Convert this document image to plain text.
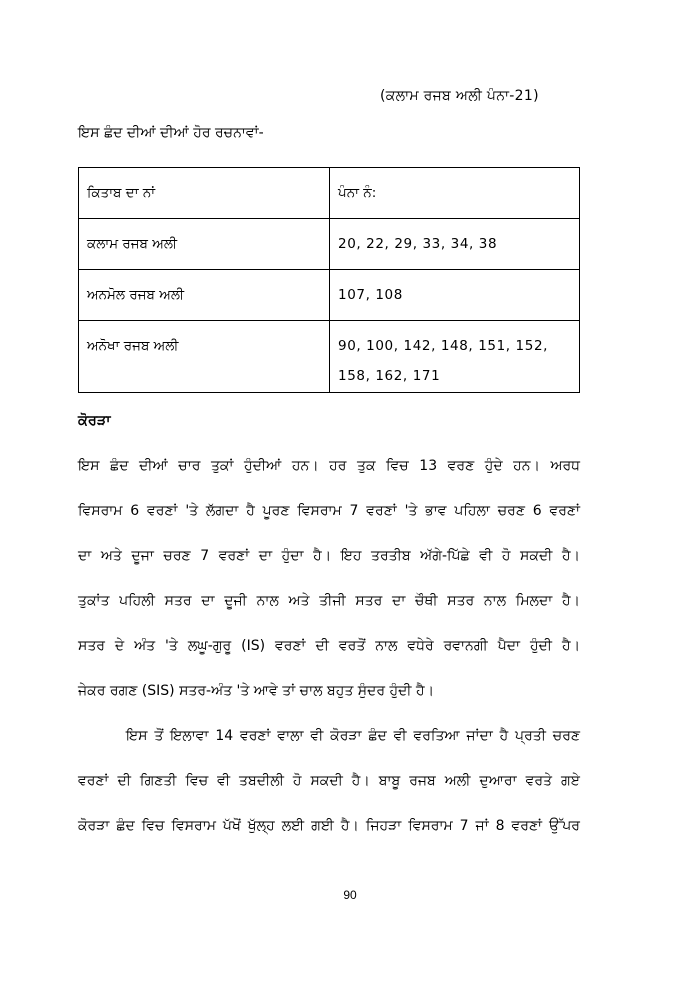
(ਕਲਾਮ ਰਜਬ ਅਲੀ ਪੰਨਾ-21)
ਇਸ ਛੰਦ ਦੀਆਂ ਦੀਆਂ ਹੋਰ ਰਚਨਾਵਾਂ-
ਕਿਤਾਬ ਦਾ ਨਾਂ	ਪੰਨਾ ਨੰ:
ਕਲਾਮ ਰਜਬ ਅਲੀ	20, 22, 29, 33, 34, 38
ਅਨਮੋਲ ਰਜਬ ਅਲੀ	107, 108
ਅਨੋਖਾ ਰਜਬ ਅਲੀ	90, 100, 142, 148, 151, 152, 158, 162, 171
ਕੋਰੜਾ
ਇਸ ਛੰਦ ਦੀਆਂ ਚਾਰ ਤੁਕਾਂ ਹੁੰਦੀਆਂ ਹਨ। ਹਰ ਤੁਕ ਵਿਚ 13 ਵਰਣ ਹੁੰਦੇ ਹਨ। ਅਰਧ
ਵਿਸਰਾਮ 6 ਵਰਣਾਂ 'ਤੇ ਲੱਗਦਾ ਹੈ ਪੂਰਣ ਵਿਸਰਾਮ 7 ਵਰਣਾਂ 'ਤੇ ਭਾਵ ਪਹਿਲਾ ਚਰਣ 6 ਵਰਣਾਂ
ਦਾ ਅਤੇ ਦੂਜਾ ਚਰਣ 7 ਵਰਣਾਂ ਦਾ ਹੁੰਦਾ ਹੈ। ਇਹ ਤਰਤੀਬ ਅੱਗੇ-ਪਿੱਛੇ ਵੀ ਹੋ ਸਕਦੀ ਹੈ।
ਤੁਕਾਂਤ ਪਹਿਲੀ ਸਤਰ ਦਾ ਦੂਜੀ ਨਾਲ ਅਤੇ ਤੀਜੀ ਸਤਰ ਦਾ ਚੌਥੀ ਸਤਰ ਨਾਲ ਮਿਲਦਾ ਹੈ।
ਸਤਰ ਦੇ ਅੰਤ 'ਤੇ ਲਘੂ-ਗੁਰੂ (IS) ਵਰਣਾਂ ਦੀ ਵਰਤੋਂ ਨਾਲ ਵਧੇਰੇ ਰਵਾਨਗੀ ਪੈਦਾ ਹੁੰਦੀ ਹੈ।
ਜੇਕਰ ਰਗਣ (SIS) ਸਤਰ-ਅੰਤ 'ਤੇ ਆਵੇ ਤਾਂ ਚਾਲ ਬਹੁਤ ਸੁੰਦਰ ਹੁੰਦੀ ਹੈ।
ਇਸ ਤੋਂ ਇਲਾਵਾ 14 ਵਰਣਾਂ ਵਾਲਾ ਵੀ ਕੋਰੜਾ ਛੰਦ ਵੀ ਵਰਤਿਆ ਜਾਂਦਾ ਹੈ ਪ੍ਰਤੀ ਚਰਣ
ਵਰਣਾਂ ਦੀ ਗਿਣਤੀ ਵਿਚ ਵੀ ਤਬਦੀਲੀ ਹੋ ਸਕਦੀ ਹੈ। ਬਾਬੂ ਰਜਬ ਅਲੀ ਦੁਆਰਾ ਵਰਤੇ ਗਏ
ਕੋਰੜਾ ਛੰਦ ਵਿਚ ਵਿਸਰਾਮ ਪੱਖੋਂ ਖੁੱਲ੍ਹ ਲਈ ਗਈ ਹੈ। ਜਿਹੜਾ ਵਿਸਰਾਮ 7 ਜਾਂ 8 ਵਰਣਾਂ ਉੱਪਰ
90
